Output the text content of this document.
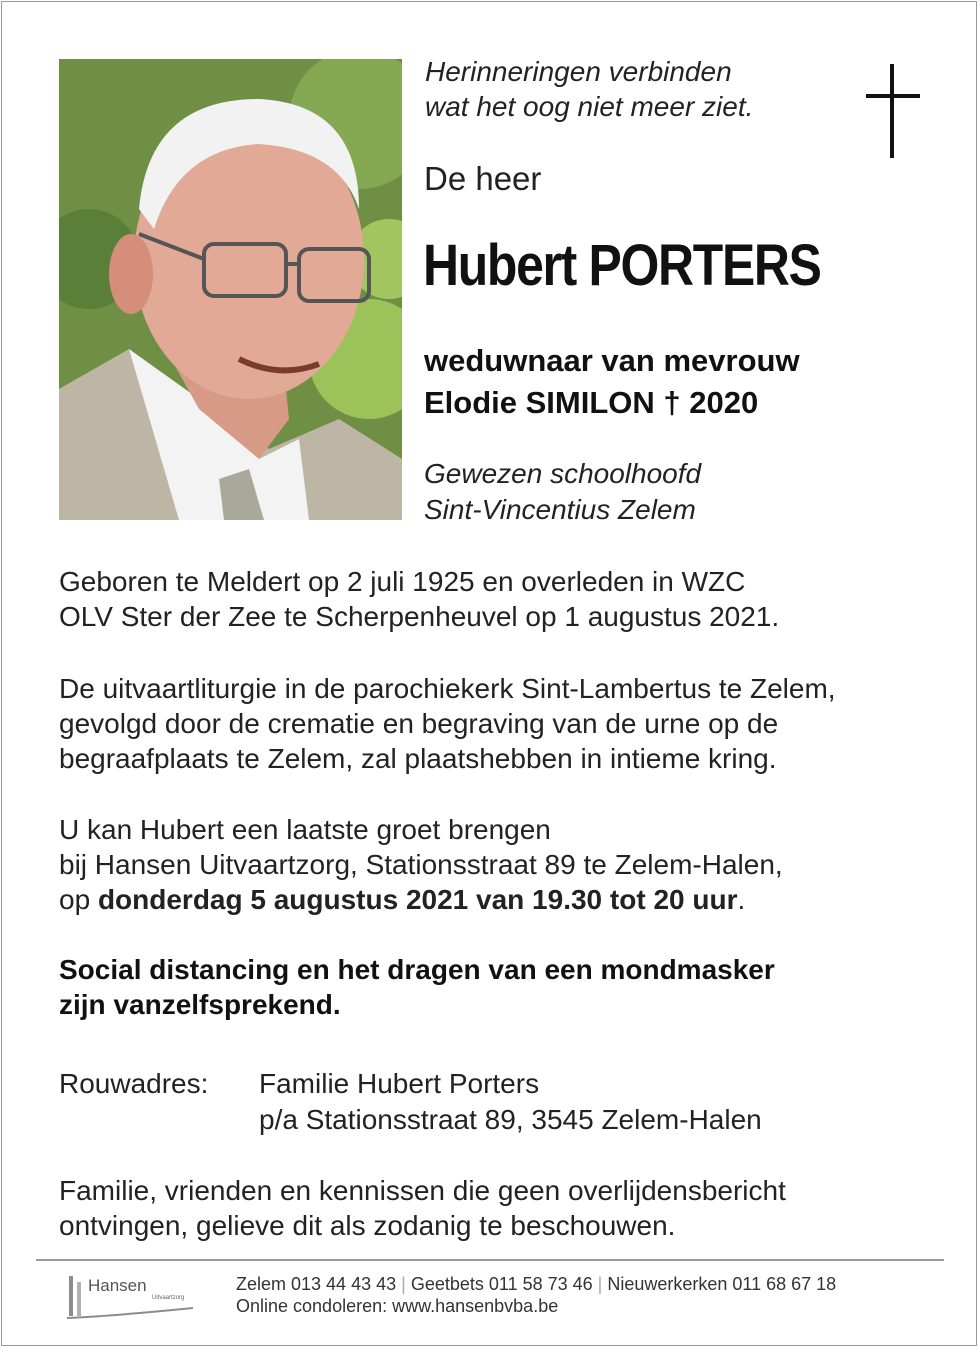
Herinneringen verbinden
wat het oog niet meer ziet.
De heer
Hubert PORTERS
weduwnaar van mevrouw
Elodie SIMILON † 2020
Gewezen schoolhoofd
Sint-Vincentius Zelem
Geboren te Meldert op 2 juli 1925 en overleden in WZC
OLV Ster der Zee te Scherpenheuvel op 1 augustus 2021.
De uitvaartliturgie in de parochiekerk Sint-Lambertus te Zelem,
gevolgd door de crematie en begraving van de urne op de
begraafplaats te Zelem, zal plaatshebben in intieme kring.
U kan Hubert een laatste groet brengen
bij Hansen Uitvaartzorg, Stationsstraat 89 te Zelem-Halen,
op donderdag 5 augustus 2021 van 19.30 tot 20 uur.
Social distancing en het dragen van een mondmasker
zijn vanzelfsprekend.
Rouwadres: Familie Hubert Porters
p/a Stationsstraat 89, 3545 Zelem-Halen
Familie, vrienden en kennissen die geen overlijdensbericht
ontvingen, gelieve dit als zodanig te beschouwen.
Hansen
Uitvaartzorg
Zelem 013 44 43 43 | Geetbets 011 58 73 46 | Nieuwerkerken 011 68 67 18
Online condoleren: www.hansenbvba.be
